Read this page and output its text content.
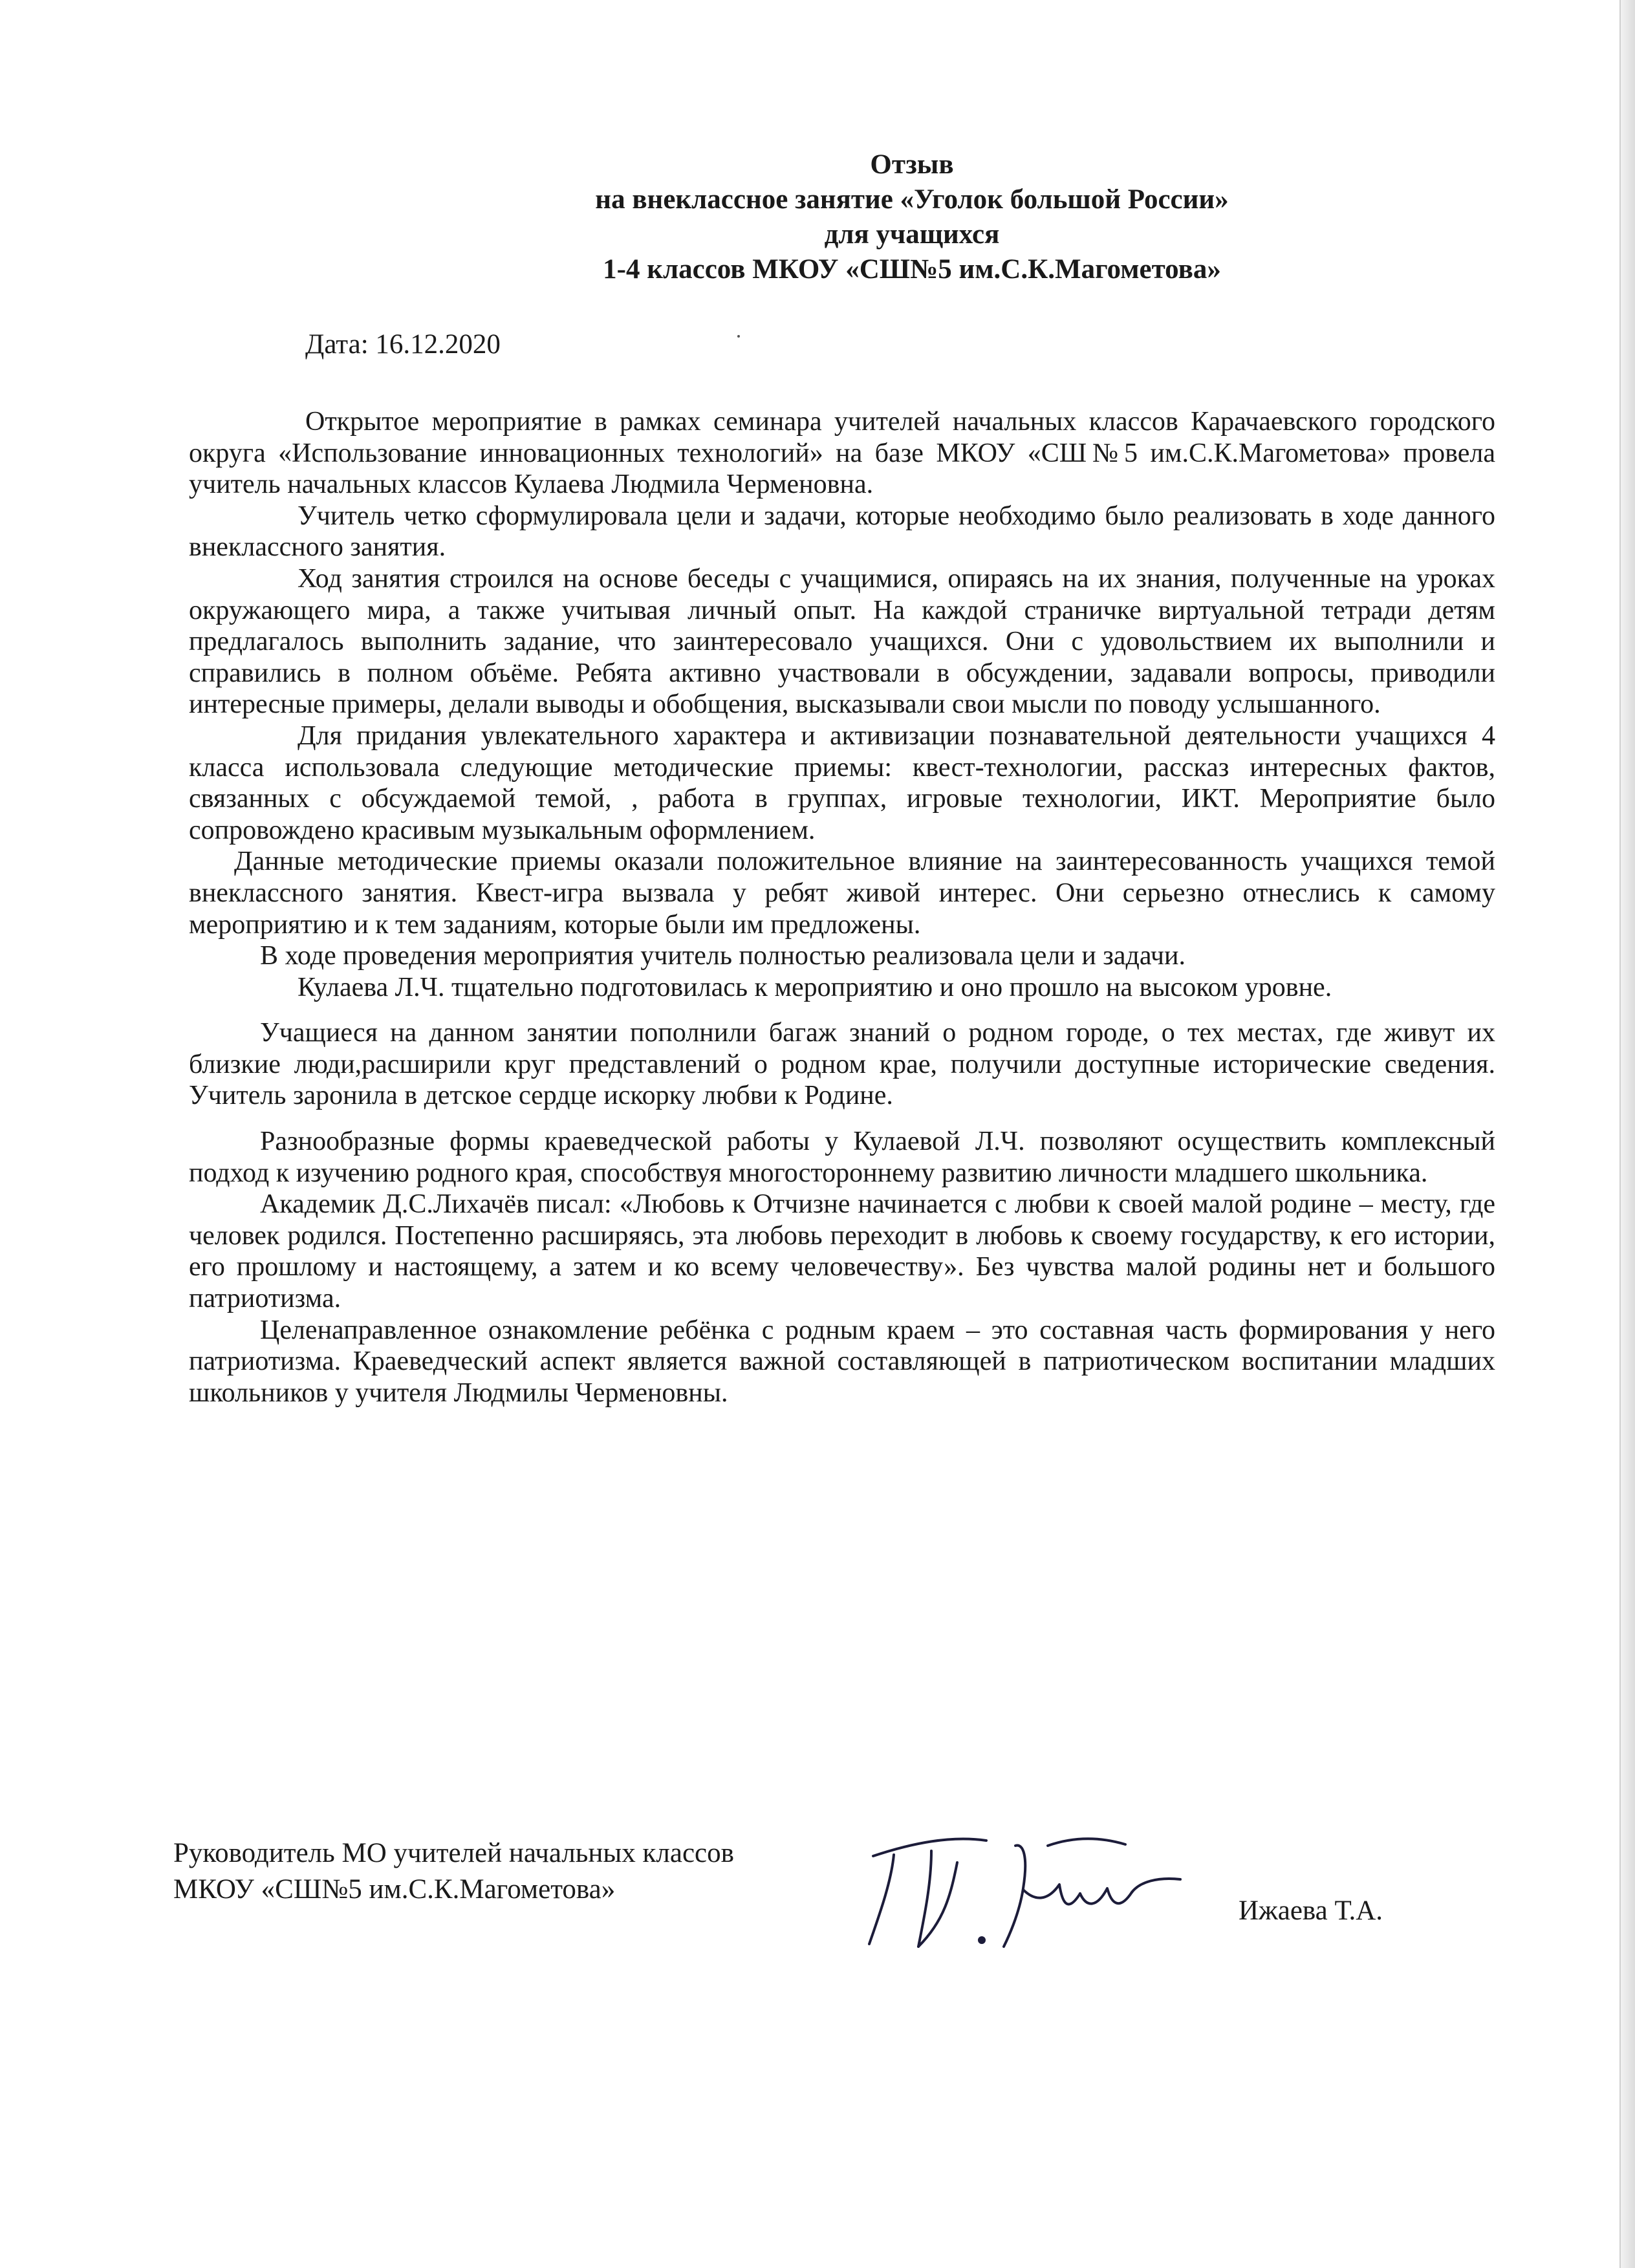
Отзыв
на внеклассное занятие «Уголок большой России»
для учащихся
1-4 классов МКОУ «СШ№5 им.С.К.Магометова»
Дата: 16.12.2020

Открытое мероприятие в рамках семинара учителей начальных классов Карачаевского городского округа «Использование инновационных технологий» на базе МКОУ «СШ№5 им.С.К.Магометова» провела учитель начальных классов Кулаева Людмила Черменовна.

Учитель четко сформулировала цели и задачи, которые необходимо было реализовать в ходе данного внеклассного занятия.

Ход занятия строился на основе беседы с учащимися, опираясь на их знания, полученные на уроках окружающего мира, а также учитывая личный опыт. На каждой страничке виртуальной тетради детям предлагалось выполнить задание, что заинтересовало учащихся. Они с удовольствием их выполнили и справились в полном объёме. Ребята активно участвовали в обсуждении, задавали вопросы, приводили интересные примеры, делали выводы и обобщения, высказывали свои мысли по поводу услышанного.

Для придания увлекательного характера и активизации познавательной деятельности учащихся 4 класса использовала следующие методические приемы: квест-технологии, рассказ интересных фактов, связанных с обсуждаемой темой, , работа в группах, игровые технологии, ИКТ. Мероприятие было сопровождено красивым музыкальным оформлением.

Данные методические приемы оказали положительное влияние на заинтересованность учащихся темой внеклассного занятия. Квест-игра вызвала у ребят живой интерес. Они серьезно отнеслись к самому мероприятию и к тем заданиям, которые были им предложены.

В ходе проведения мероприятия учитель полностью реализовала цели и задачи.

Кулаева Л.Ч. тщательно подготовилась к мероприятию и оно прошло на высоком уровне.

Учащиеся на данном занятии пополнили багаж знаний о родном городе, о тех местах, где живут их близкие люди,расширили круг представлений о родном крае, получили доступные исторические сведения. Учитель заронила в детское сердце искорку любви к Родине.

Разнообразные формы краеведческой работы у Кулаевой Л.Ч. позволяют осуществить комплексный подход к изучению родного края, способствуя многостороннему развитию личности младшего школьника.

Академик Д.С.Лихачёв писал: «Любовь к Отчизне начинается с любви к своей малой родине – месту, где человек родился. Постепенно расширяясь, эта любовь переходит в любовь к своему государству, к его истории, его прошлому и настоящему, а затем и ко всему человечеству». Без чувства малой родины нет и большого патриотизма.

Целенаправленное ознакомление ребёнка с родным краем – это составная часть формирования у него патриотизма. Краеведческий аспект является важной составляющей в патриотическом воспитании младших школьников у учителя Людмилы Черменовны.

Руководитель МО учителей начальных классов
МКОУ «СШ№5 им.С.К.Магометова»
Ижаева Т.А.
